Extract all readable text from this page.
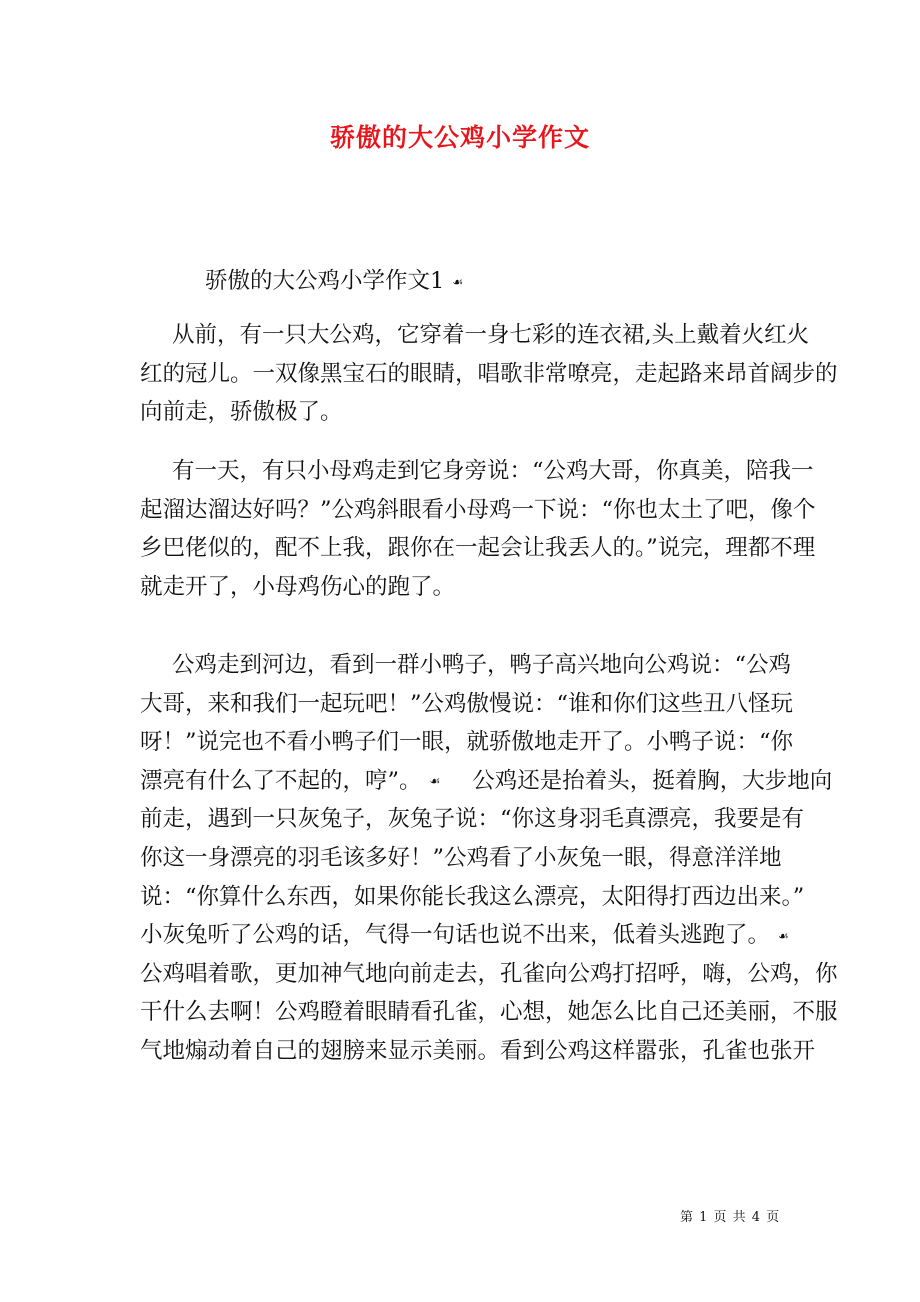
骄傲的大公鸡小学作文
骄傲的大公鸡小学作文1 ☙
从前，有一只大公鸡，它穿着一身七彩的连衣裙,头上戴着火红火
红的冠儿。一双像黑宝石的眼睛，唱歌非常嘹亮，走起路来昂首阔步的
向前走，骄傲极了。
有一天，有只小母鸡走到它身旁说：“公鸡大哥，你真美，陪我一
起溜达溜达好吗？”公鸡斜眼看小母鸡一下说：“你也太土了吧，像个
乡巴佬似的，配不上我，跟你在一起会让我丢人的。”说完，理都不理
就走开了，小母鸡伤心的跑了。
公鸡走到河边，看到一群小鸭子，鸭子高兴地向公鸡说：“公鸡
大哥，来和我们一起玩吧！”公鸡傲慢说：“谁和你们这些丑八怪玩
呀！”说完也不看小鸭子们一眼，就骄傲地走开了。小鸭子说：“你
漂亮有什么了不起的，哼”。 ☙ 公鸡还是抬着头，挺着胸，大步地向
前走，遇到一只灰兔子，灰兔子说：“你这身羽毛真漂亮，我要是有
你这一身漂亮的羽毛该多好！”公鸡看了小灰兔一眼，得意洋洋地
说：“你算什么东西，如果你能长我这么漂亮，太阳得打西边出来。”
小灰兔听了公鸡的话，气得一句话也说不出来，低着头逃跑了。 ☙
公鸡唱着歌，更加神气地向前走去，孔雀向公鸡打招呼，嗨，公鸡，你
干什么去啊！公鸡瞪着眼睛看孔雀，心想，她怎么比自己还美丽，不服
气地煽动着自己的翅膀来显示美丽。看到公鸡这样嚣张，孔雀也张开
第 1 页 共 4 页
